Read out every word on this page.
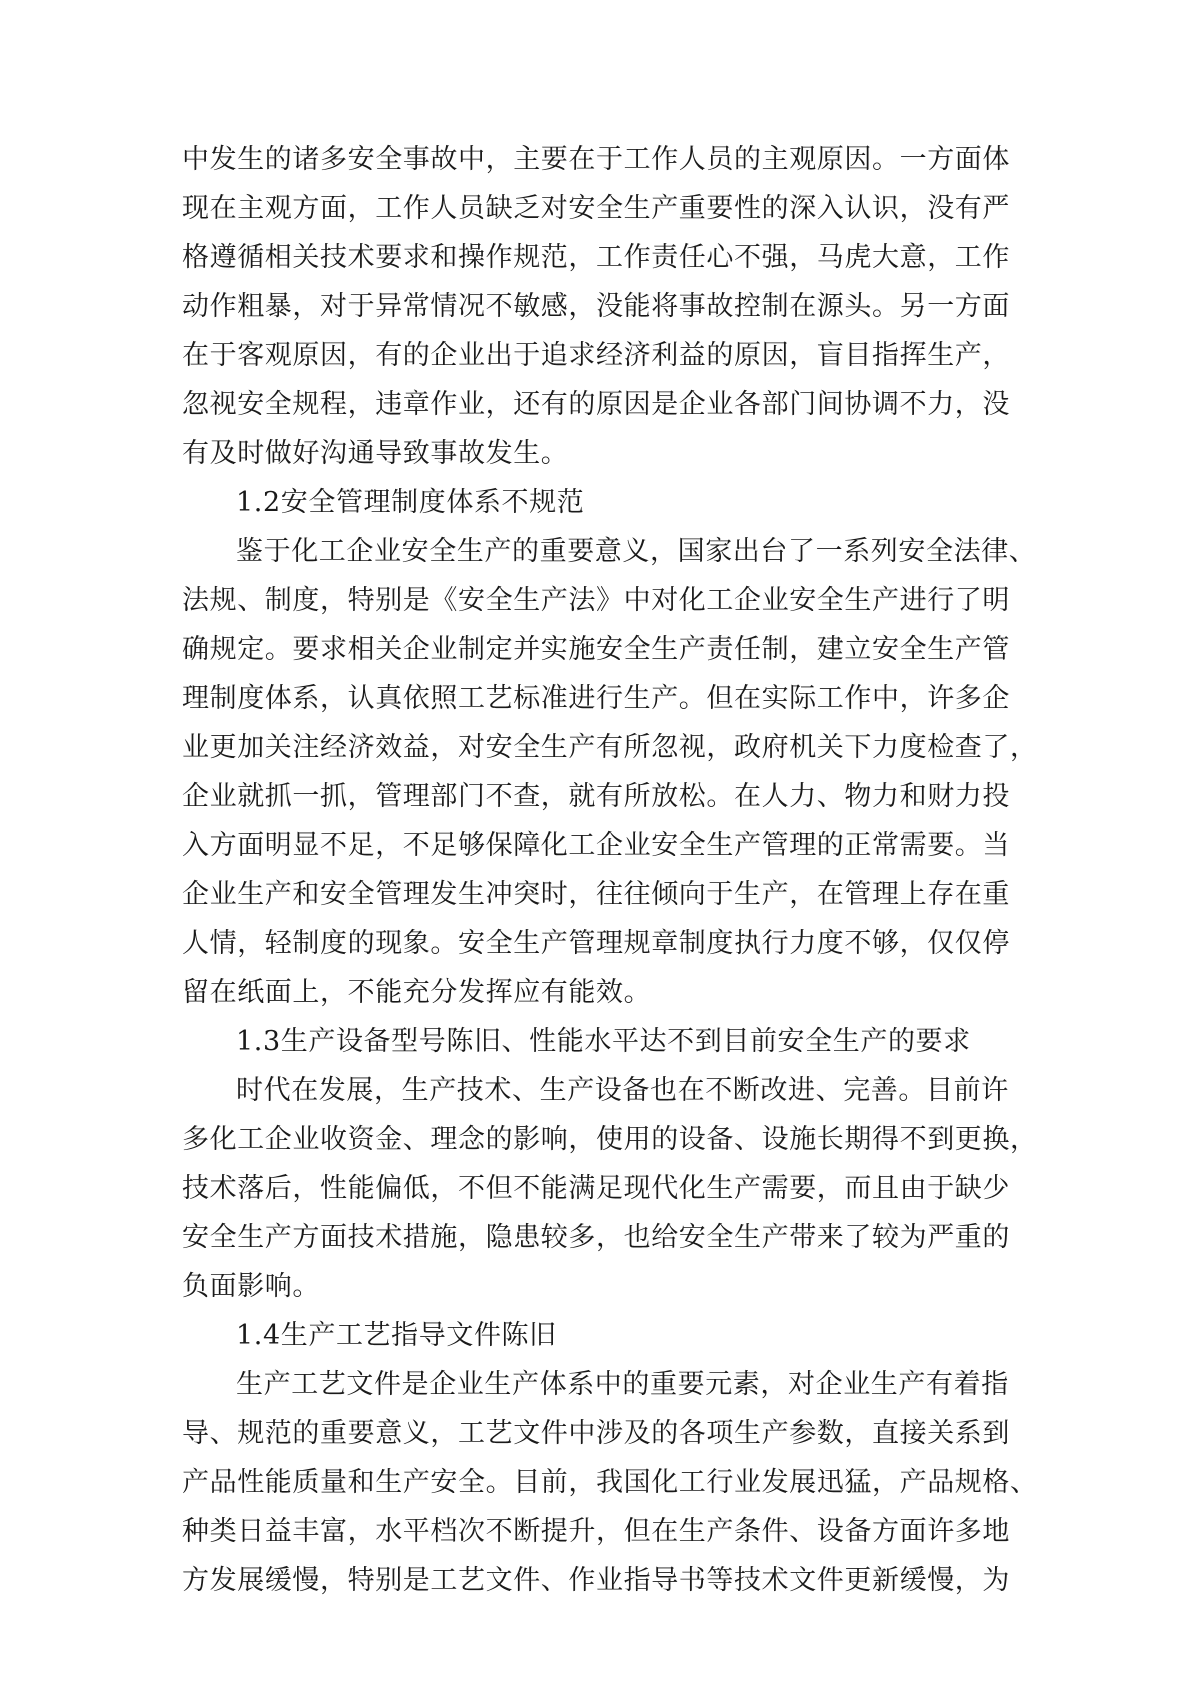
中发生的诸多安全事故中，主要在于工作人员的主观原因。一方面体
现在主观方面，工作人员缺乏对安全生产重要性的深入认识，没有严
格遵循相关技术要求和操作规范，工作责任心不强，马虎大意，工作
动作粗暴，对于异常情况不敏感，没能将事故控制在源头。另一方面
在于客观原因，有的企业出于追求经济利益的原因，盲目指挥生产，
忽视安全规程，违章作业，还有的原因是企业各部门间协调不力，没
有及时做好沟通导致事故发生。
1.2安全管理制度体系不规范
鉴于化工企业安全生产的重要意义，国家出台了一系列安全法律、
法规、制度，特别是《安全生产法》中对化工企业安全生产进行了明
确规定。要求相关企业制定并实施安全生产责任制，建立安全生产管
理制度体系，认真依照工艺标准进行生产。但在实际工作中，许多企
业更加关注经济效益，对安全生产有所忽视，政府机关下力度检查了，
企业就抓一抓，管理部门不查，就有所放松。在人力、物力和财力投
入方面明显不足，不足够保障化工企业安全生产管理的正常需要。当
企业生产和安全管理发生冲突时，往往倾向于生产，在管理上存在重
人情，轻制度的现象。安全生产管理规章制度执行力度不够，仅仅停
留在纸面上，不能充分发挥应有能效。
1.3生产设备型号陈旧、性能水平达不到目前安全生产的要求
时代在发展，生产技术、生产设备也在不断改进、完善。目前许
多化工企业收资金、理念的影响，使用的设备、设施长期得不到更换，
技术落后，性能偏低，不但不能满足现代化生产需要，而且由于缺少
安全生产方面技术措施，隐患较多，也给安全生产带来了较为严重的
负面影响。
1.4生产工艺指导文件陈旧
生产工艺文件是企业生产体系中的重要元素，对企业生产有着指
导、规范的重要意义，工艺文件中涉及的各项生产参数，直接关系到
产品性能质量和生产安全。目前，我国化工行业发展迅猛，产品规格、
种类日益丰富，水平档次不断提升，但在生产条件、设备方面许多地
方发展缓慢，特别是工艺文件、作业指导书等技术文件更新缓慢，为
